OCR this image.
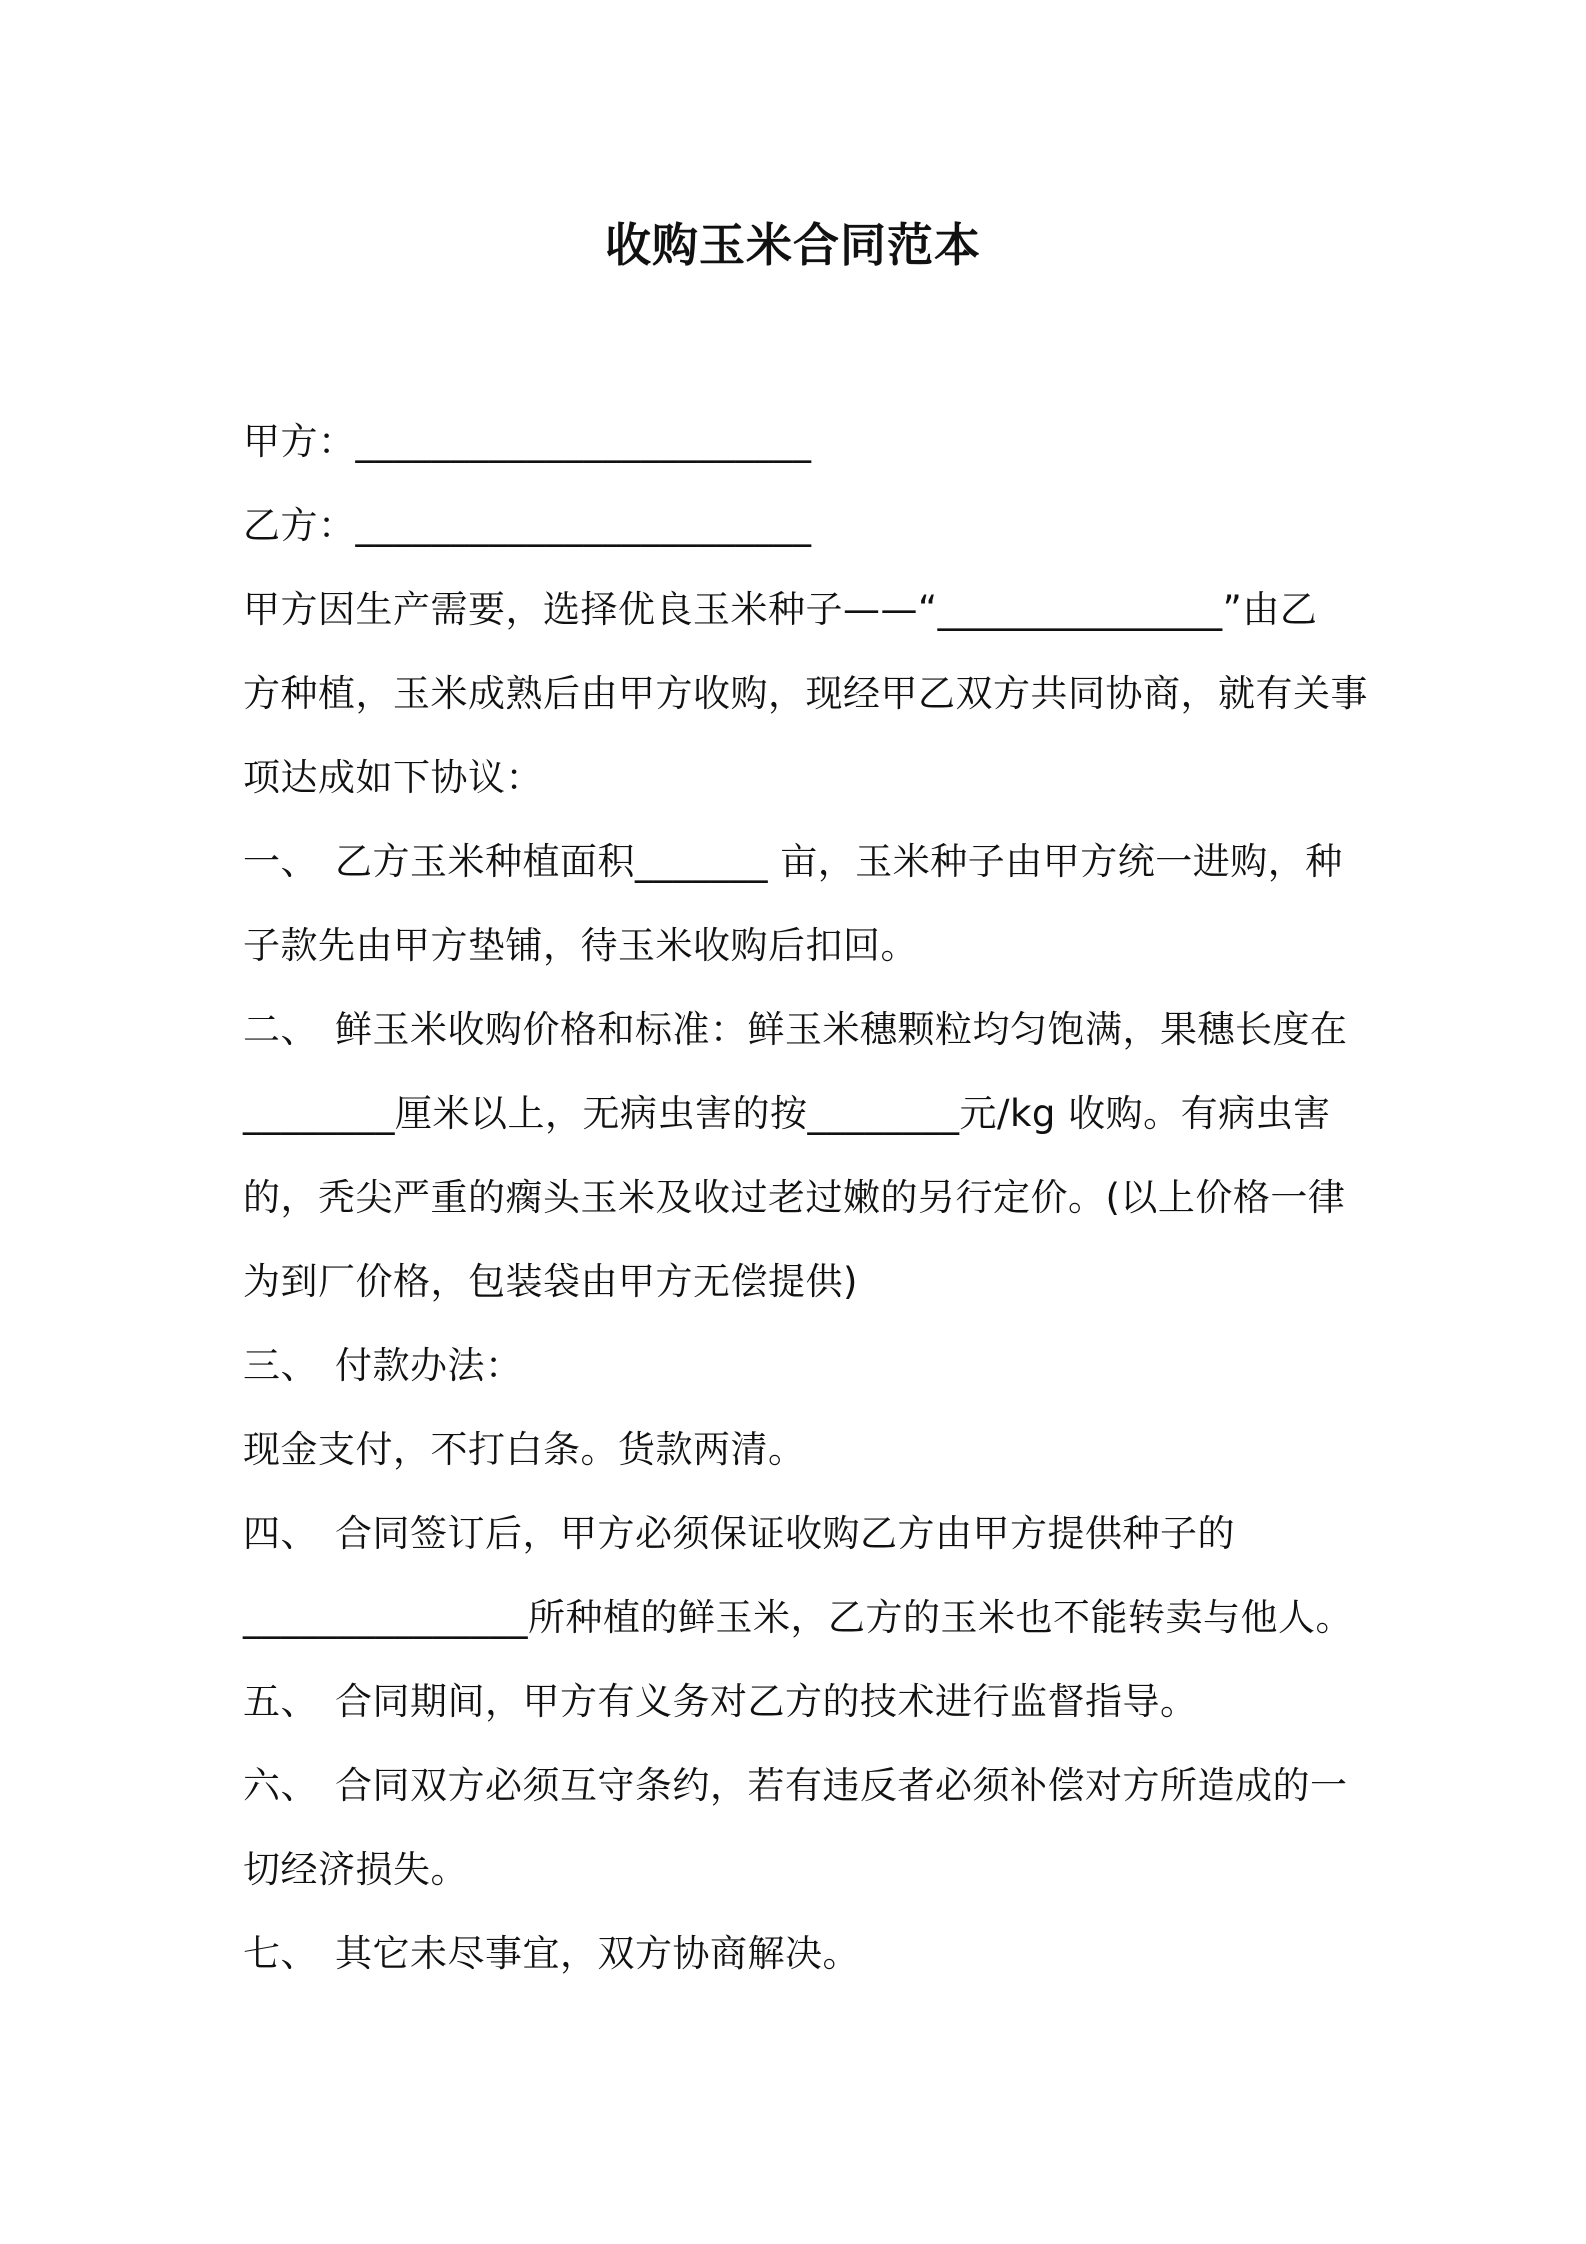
收购玉米合同范本
甲方：________________________
乙方：________________________
甲方因生产需要，选择优良玉米种子——“_______________”由乙
方种植，玉米成熟后由甲方收购，现经甲乙双方共同协商，就有关事
项达成如下协议：
一、 乙方玉米种植面积_______ 亩，玉米种子由甲方统一进购，种
子款先由甲方垫铺，待玉米收购后扣回。
二、 鲜玉米收购价格和标准：鲜玉米穗颗粒均匀饱满，果穗长度在
________厘米以上，无病虫害的按________元/kg 收购。有病虫害
的，秃尖严重的瘸头玉米及收过老过嫩的另行定价。(以上价格一律
为到厂价格，包装袋由甲方无偿提供)
三、 付款办法：
现金支付，不打白条。货款两清。
四、 合同签订后，甲方必须保证收购乙方由甲方提供种子的
_______________所种植的鲜玉米，乙方的玉米也不能转卖与他人。
五、 合同期间，甲方有义务对乙方的技术进行监督指导。
六、 合同双方必须互守条约，若有违反者必须补偿对方所造成的一
切经济损失。
七、 其它未尽事宜，双方协商解决。
